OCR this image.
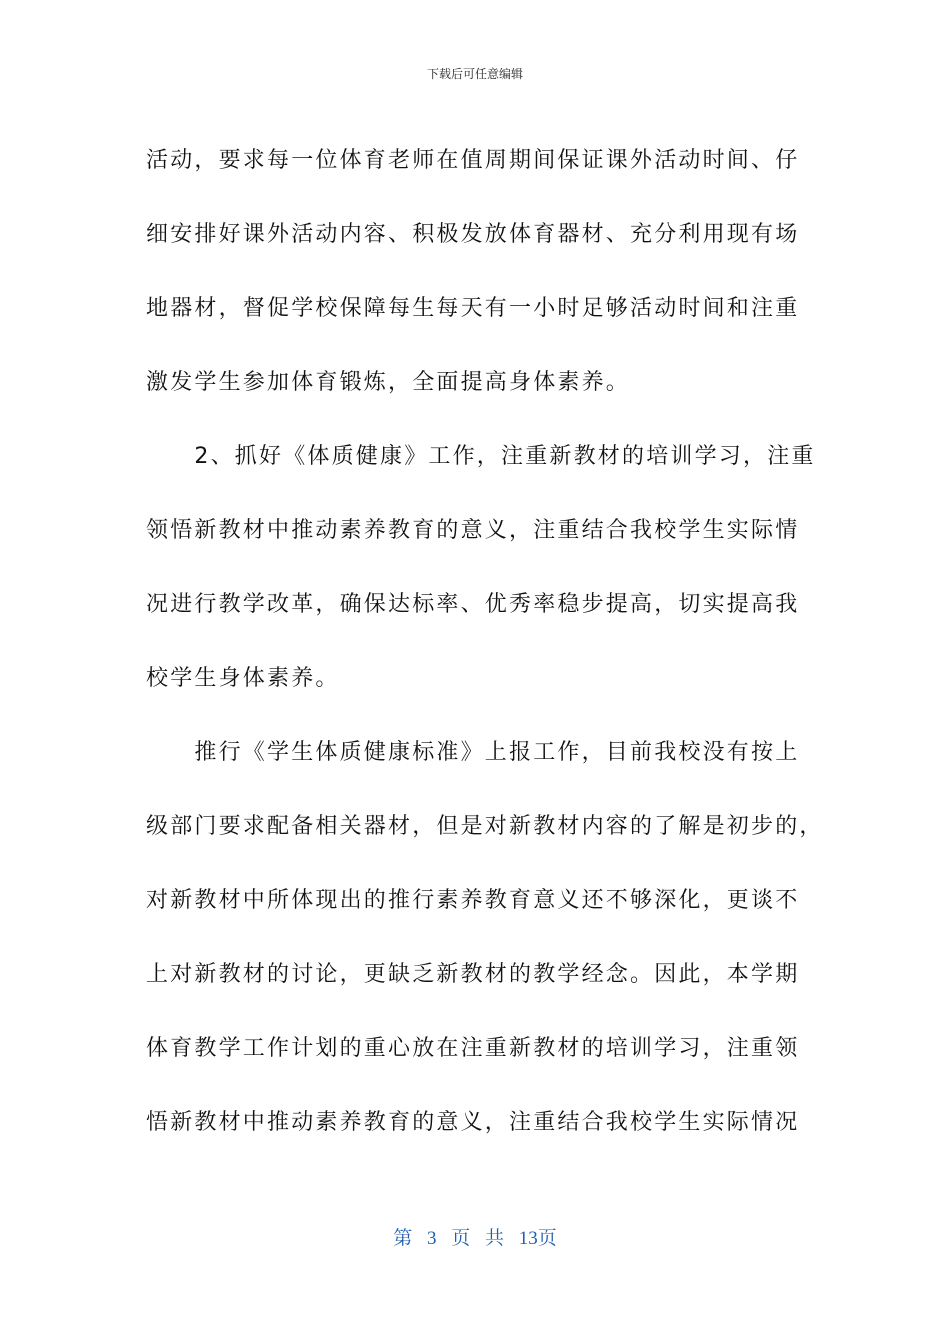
下载后可任意编辑
活动，要求每一位体育老师在值周期间保证课外活动时间、仔
细安排好课外活动内容、积极发放体育器材、充分利用现有场
地器材，督促学校保障每生每天有一小时足够活动时间和注重
激发学生参加体育锻炼，全面提高身体素养。
　　2、抓好《体质健康》工作，注重新教材的培训学习，注重
领悟新教材中推动素养教育的意义，注重结合我校学生实际情
况进行教学改革，确保达标率、优秀率稳步提高，切实提高我
校学生身体素养。
　　推行《学生体质健康标准》上报工作，目前我校没有按上
级部门要求配备相关器材，但是对新教材内容的了解是初步的，
对新教材中所体现出的推行素养教育意义还不够深化，更谈不
上对新教材的讨论，更缺乏新教材的教学经念。因此，本学期
体育教学工作计划的重心放在注重新教材的培训学习，注重领
悟新教材中推动素养教育的意义，注重结合我校学生实际情况
第 3 页 共 13页
